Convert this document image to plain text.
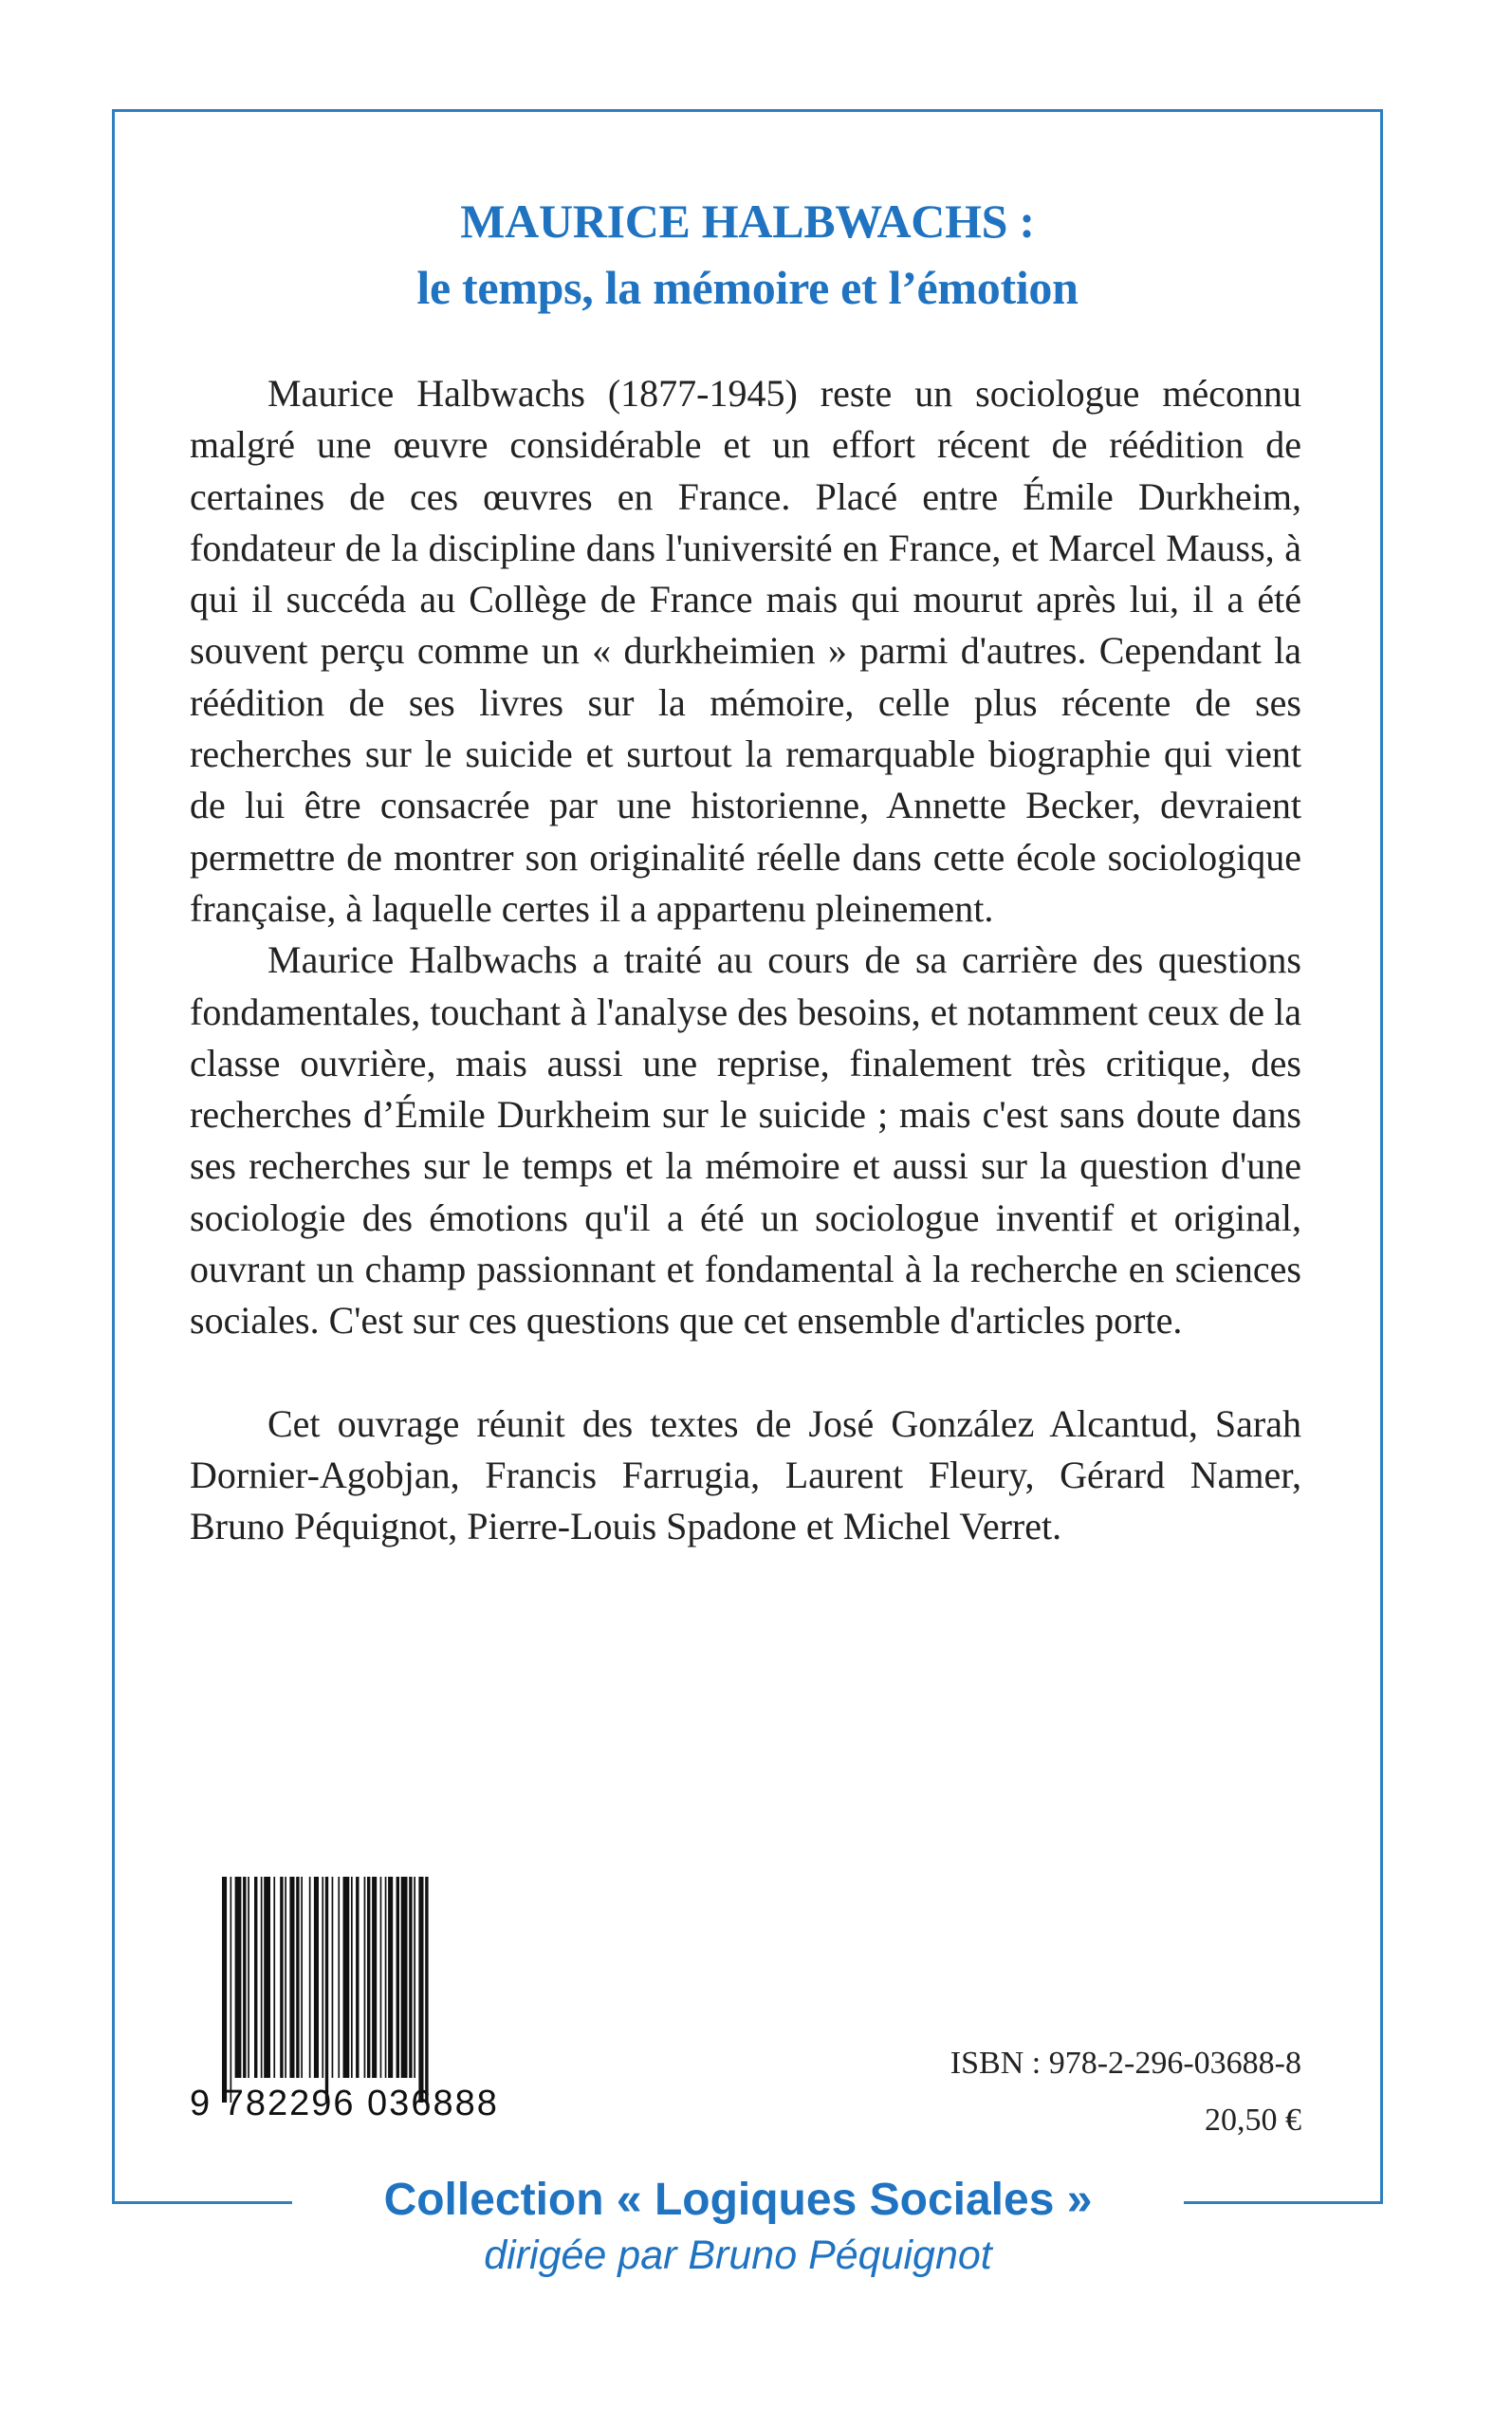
MAURICE HALBWACHS :
le temps, la mémoire et l’émotion

Maurice Halbwachs (1877-1945) reste un sociologue méconnu malgré une œuvre considérable et un effort récent de réédition de certaines de ces œuvres en France. Placé entre Émile Durkheim, fondateur de la discipline dans l'université en France, et Marcel Mauss, à qui il succéda au Collège de France mais qui mourut après lui, il a été souvent perçu comme un « durkheimien » parmi d'autres. Cependant la réédition de ses livres sur la mémoire, celle plus récente de ses recherches sur le suicide et surtout la remarquable biographie qui vient de lui être consacrée par une historienne, Annette Becker, devraient permettre de montrer son originalité réelle dans cette école sociologique française, à laquelle certes il a appartenu pleinement.

Maurice Halbwachs a traité au cours de sa carrière des questions fondamentales, touchant à l'analyse des besoins, et notamment ceux de la classe ouvrière, mais aussi une reprise, finalement très critique, des recherches d’Émile Durkheim sur le suicide ; mais c'est sans doute dans ses recherches sur le temps et la mémoire et aussi sur la question d'une sociologie des émotions qu'il a été un sociologue inventif et original, ouvrant un champ passionnant et fondamental à la recherche en sciences sociales. C'est sur ces questions que cet ensemble d'articles porte.

Cet ouvrage réunit des textes de José González Alcantud, Sarah Dornier-Agobjan, Francis Farrugia, Laurent Fleury, Gérard Namer, Bruno Péquignot, Pierre-Louis Spadone et Michel Verret.

9 782296 036888
ISBN : 978-2-296-03688-8
20,50 €
Collection « Logiques Sociales »
dirigée par Bruno Péquignot
